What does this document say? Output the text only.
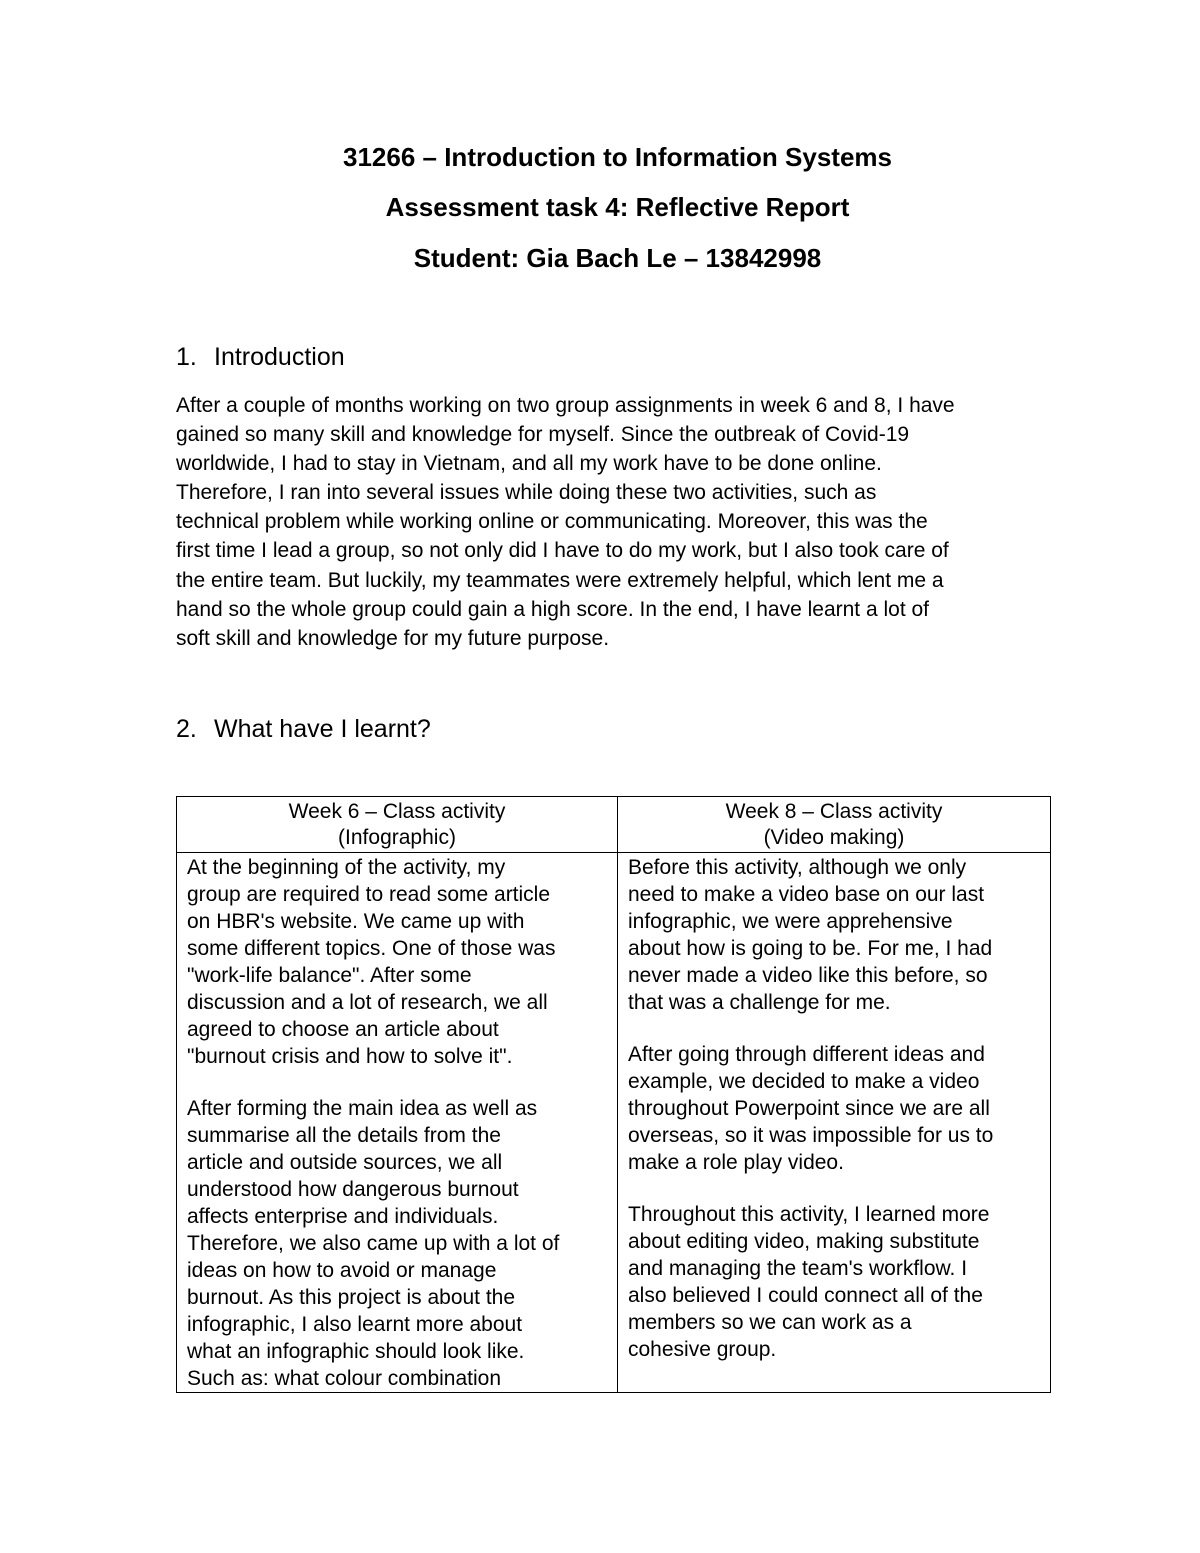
31266 – Introduction to Information Systems
Assessment task 4: Reflective Report
Student: Gia Bach Le – 13842998
1. Introduction
After a couple of months working on two group assignments in week 6 and 8, I have
gained so many skill and knowledge for myself. Since the outbreak of Covid-19
worldwide, I had to stay in Vietnam, and all my work have to be done online.
Therefore, I ran into several issues while doing these two activities, such as
technical problem while working online or communicating. Moreover, this was the
first time I lead a group, so not only did I have to do my work, but I also took care of
the entire team. But luckily, my teammates were extremely helpful, which lent me a
hand so the whole group could gain a high score. In the end, I have learnt a lot of
soft skill and knowledge for my future purpose.
2. What have I learnt?
Week 6 – Class activity
(Infographic)
Week 8 – Class activity
(Video making)
At the beginning of the activity, my
group are required to read some article
on HBR's website. We came up with
some different topics. One of those was
"work-life balance". After some
discussion and a lot of research, we all
agreed to choose an article about
"burnout crisis and how to solve it".
After forming the main idea as well as
summarise all the details from the
article and outside sources, we all
understood how dangerous burnout
affects enterprise and individuals.
Therefore, we also came up with a lot of
ideas on how to avoid or manage
burnout. As this project is about the
infographic, I also learnt more about
what an infographic should look like.
Such as: what colour combination
Before this activity, although we only
need to make a video base on our last
infographic, we were apprehensive
about how is going to be. For me, I had
never made a video like this before, so
that was a challenge for me.
After going through different ideas and
example, we decided to make a video
throughout Powerpoint since we are all
overseas, so it was impossible for us to
make a role play video.
Throughout this activity, I learned more
about editing video, making substitute
and managing the team's workflow. I
also believed I could connect all of the
members so we can work as a
cohesive group.
